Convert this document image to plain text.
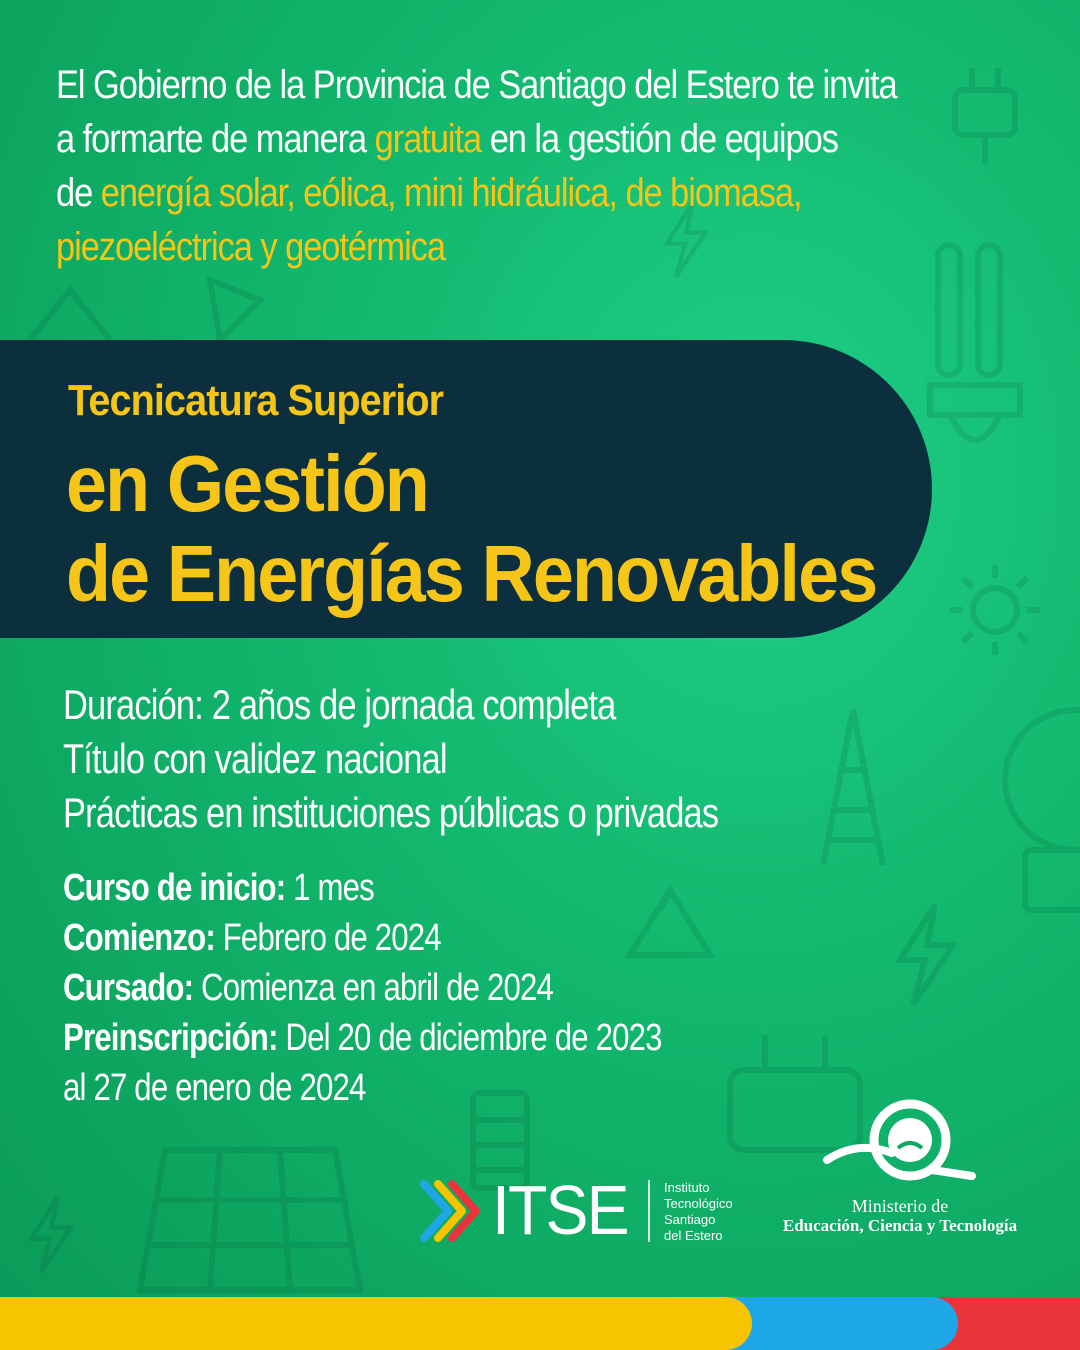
El Gobierno de la Provincia de Santiago del Estero te invita
a formarte de manera gratuita en la gestión de equipos
de energía solar, eólica, mini hidráulica, de biomasa,
piezoeléctrica y geotérmica
Tecnicatura Superior
en Gestión
de Energías Renovables
Duración: 2 años de jornada completa
Título con validez nacional
Prácticas en instituciones públicas o privadas
Curso de inicio: 1 mes
Comienzo: Febrero de 2024
Cursado: Comienza en abril de 2024
Preinscripción: Del 20 de diciembre de 2023
al 27 de enero de 2024
ITSE	Instituto
Tecnológico
Santiago
del Estero
Ministerio de
Educación, Ciencia y Tecnología
